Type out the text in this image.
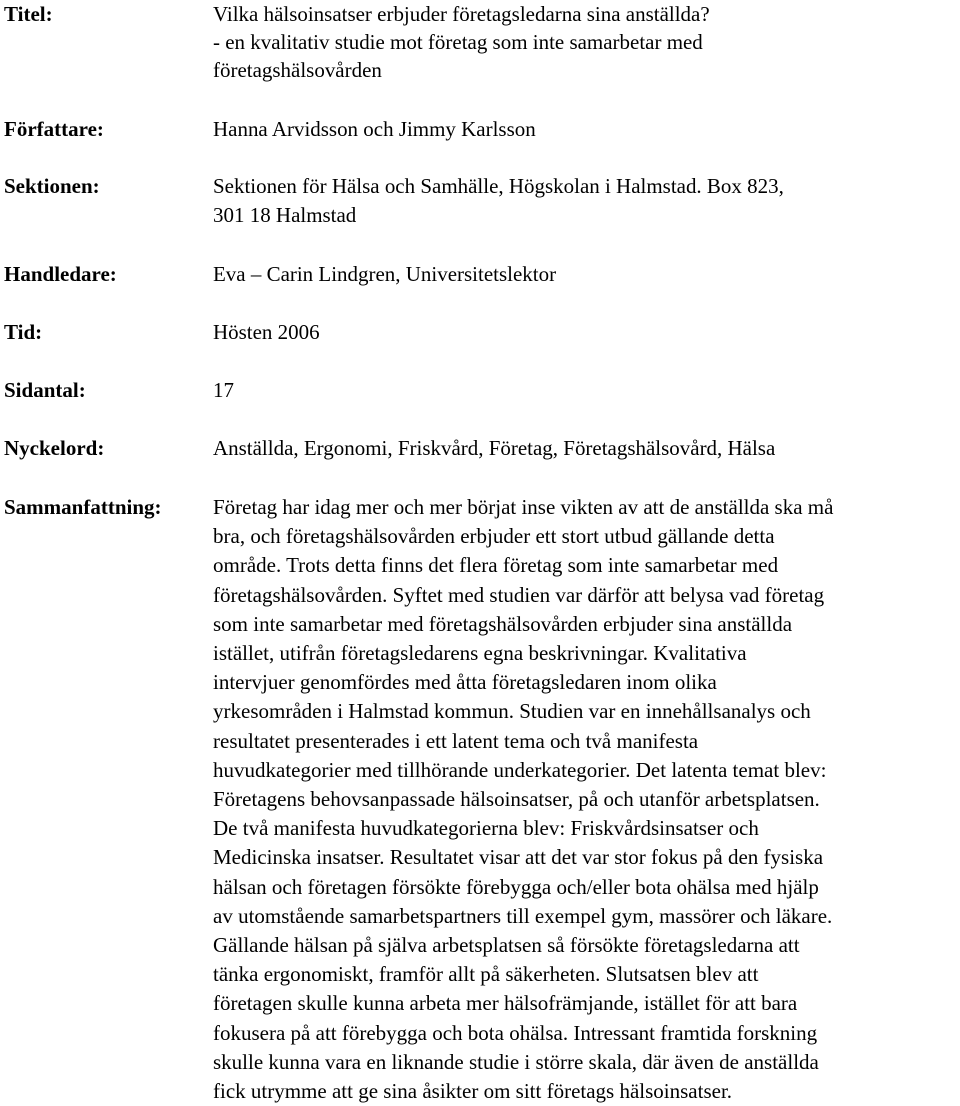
Titel:	Vilka hälsoinsatser erbjuder företagsledarna sina anställda?
- en kvalitativ studie mot företag som inte samarbetar med
företagshälsovården
Författare:	Hanna Arvidsson och Jimmy Karlsson
Sektionen:	Sektionen för Hälsa och Samhälle, Högskolan i Halmstad. Box 823,
301 18 Halmstad
Handledare:	Eva – Carin Lindgren, Universitetslektor
Tid:	Hösten 2006
Sidantal:	17
Nyckelord:	Anställda, Ergonomi, Friskvård, Företag, Företagshälsovård, Hälsa
Sammanfattning: Företag har idag mer och mer börjat inse vikten av att de anställda ska må
bra, och företagshälsovården erbjuder ett stort utbud gällande detta
område. Trots detta finns det flera företag som inte samarbetar med
företagshälsovården. Syftet med studien var därför att belysa vad företag
som inte samarbetar med företagshälsovården erbjuder sina anställda
istället, utifrån företagsledarens egna beskrivningar. Kvalitativa
intervjuer genomfördes med åtta företagsledaren inom olika
yrkesområden i Halmstad kommun. Studien var en innehållsanalys och
resultatet presenterades i ett latent tema och två manifesta
huvudkategorier med tillhörande underkategorier. Det latenta temat blev:
Företagens behovsanpassade hälsoinsatser, på och utanför arbetsplatsen.
De två manifesta huvudkategorierna blev: Friskvårdsinsatser och
Medicinska insatser. Resultatet visar att det var stor fokus på den fysiska
hälsan och företagen försökte förebygga och/eller bota ohälsa med hjälp
av utomstående samarbetspartners till exempel gym, massörer och läkare.
Gällande hälsan på själva arbetsplatsen så försökte företagsledarna att
tänka ergonomiskt, framför allt på säkerheten. Slutsatsen blev att
företagen skulle kunna arbeta mer hälsofrämjande, istället för att bara
fokusera på att förebygga och bota ohälsa. Intressant framtida forskning
skulle kunna vara en liknande studie i större skala, där även de anställda
fick utrymme att ge sina åsikter om sitt företags hälsoinsatser.
